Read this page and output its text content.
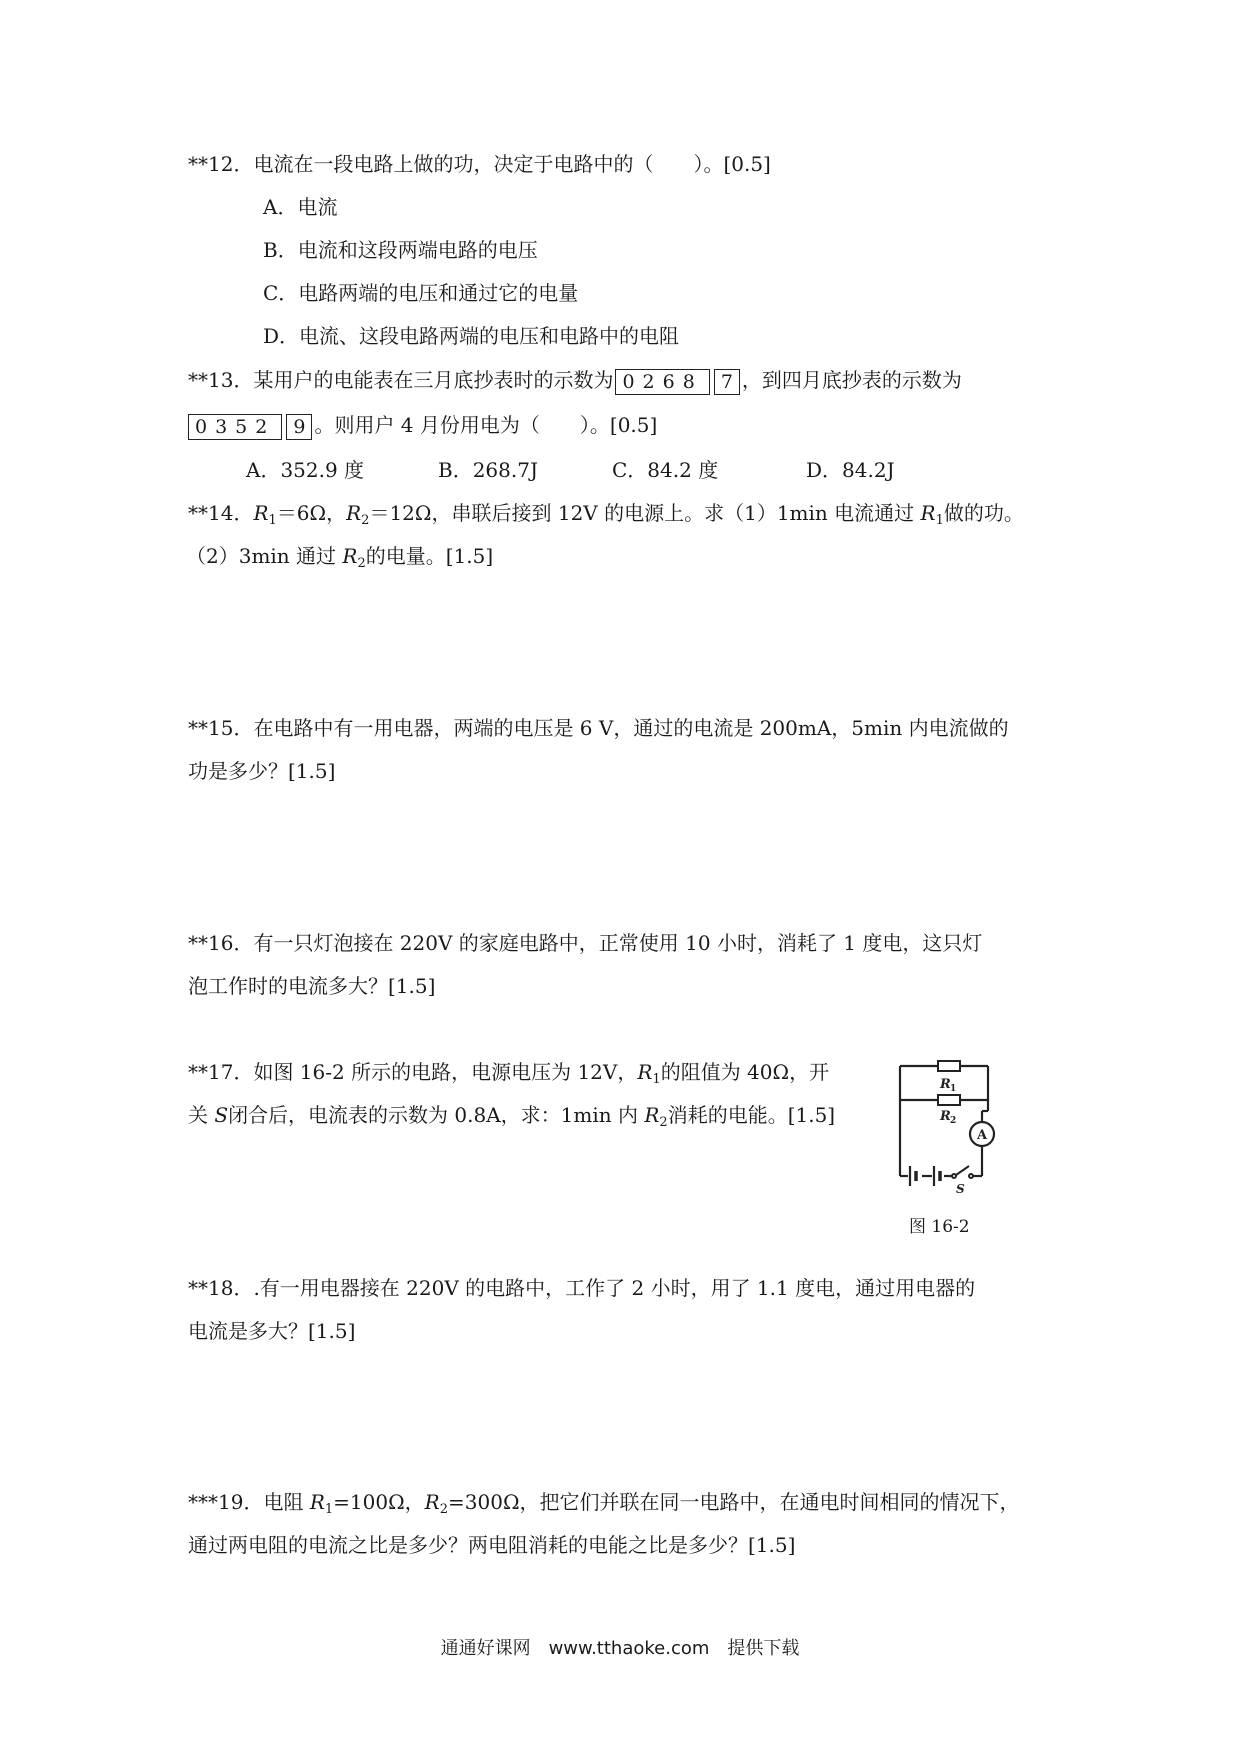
**12．电流在一段电路上做的功，决定于电路中的（　　）。[0.5]
A．电流
B．电流和这段两端电路的电压
C．电路两端的电压和通过它的电量
D．电流、这段电路两端的电压和电路中的电阻
**13．某用户的电能表在三月底抄表时的示数为 0268 7 ，到四月底抄表的示数为
0352 9 。则用户 4 月份用电为（　　）。[0.5]
A．352.9 度	B．268.7J	C．84.2 度	D．84.2J
**14．$R_1=6\Omega$，$R_2=12\Omega$，串联后接到 12V 的电源上。求（1）1min 电流通过 $R_1$做的功。
（2）3min 通过 $R_2$的电量。[1.5]
**15．在电路中有一用电器，两端的电压是 6 V，通过的电流是 200mA，5min 内电流做的
功是多少？[1.5]
**16．有一只灯泡接在 220V 的家庭电路中，正常使用 10 小时，消耗了 1 度电，这只灯
泡工作时的电流多大？[1.5]
**17．如图 16-2 所示的电路，电源电压为 12V，$R_1$的阻值为 40Ω，开
关 S闭合后，电流表的示数为 0.8A，求：1min 内 $R_2$消耗的电能。[1.5]
R 1
R 2
A
S
图 16-2
**18．.有一用电器接在 220V 的电路中，工作了 2 小时，用了 1.1 度电，通过用电器的
电流是多大？[1.5]
***19．电阻 $R_1=100\Omega$，$R_2=300\Omega$，把它们并联在同一电路中，在通电时间相同的情况下，
通过两电阻的电流之比是多少？两电阻消耗的电能之比是多少？[1.5]
通通好课网　www.tthaoke.com　提供下载
